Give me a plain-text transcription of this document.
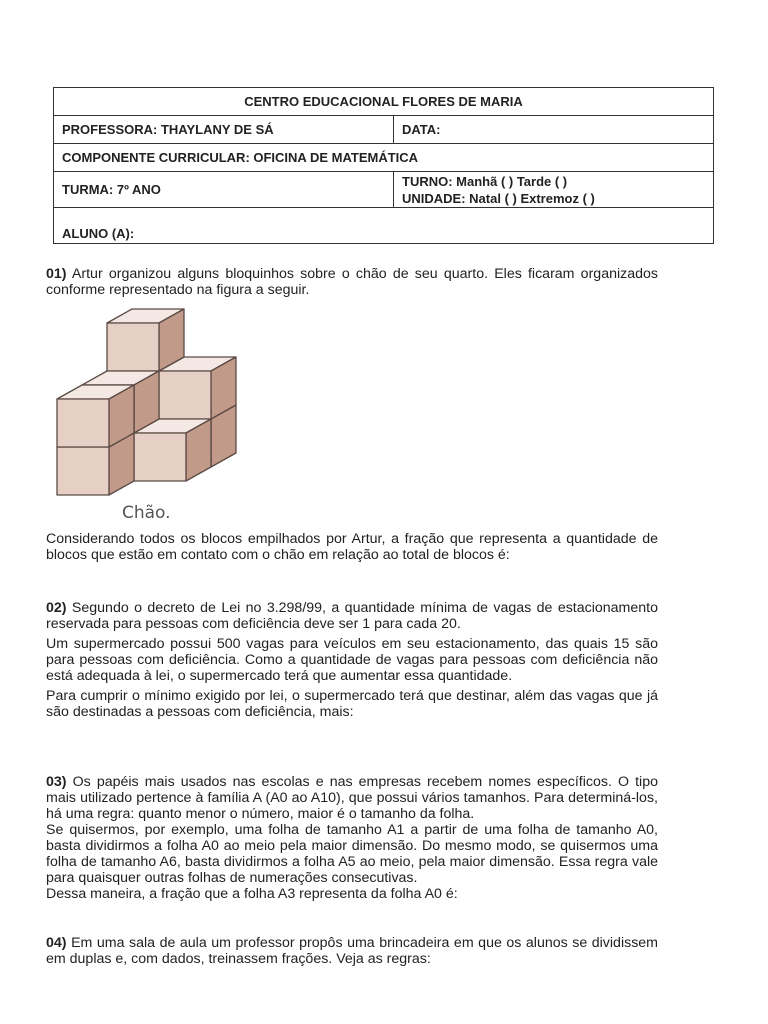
CENTRO EDUCACIONAL FLORES DE MARIA	
PROFESSORA: THAYLANY DE SÁ	DATA:
COMPONENTE CURRICULAR: OFICINA DE MATEMÁTICA	
TURMA: 7º ANO	TURNO: Manhã ( ) Tarde ( )
UNIDADE: Natal ( ) Extremoz ( )

ALUNO (A):	

01) Artur organizou alguns bloquinhos sobre o chão de seu quarto. Eles ficaram organizados conforme representado na figura a seguir.

Chão.

Considerando todos os blocos empilhados por Artur, a fração que representa a quantidade de blocos que estão em contato com o chão em relação ao total de blocos é:

02) Segundo o decreto de Lei no 3.298/99, a quantidade mínima de vagas de estacionamento reservada para pessoas com deficiência deve ser 1 para cada 20.

Um supermercado possui 500 vagas para veículos em seu estacionamento, das quais 15 são para pessoas com deficiência. Como a quantidade de vagas para pessoas com deficiência não está adequada à lei, o supermercado terá que aumentar essa quantidade.

Para cumprir o mínimo exigido por lei, o supermercado terá que destinar, além das vagas que já são destinadas a pessoas com deficiência, mais:

03) Os papéis mais usados nas escolas e nas empresas recebem nomes específicos. O tipo mais utilizado pertence à família A (A0 ao A10), que possui vários tamanhos. Para determiná-los, há uma regra: quanto menor o número, maior é o tamanho da folha.

Se quisermos, por exemplo, uma folha de tamanho A1 a partir de uma folha de tamanho A0, basta dividirmos a folha A0 ao meio pela maior dimensão. Do mesmo modo, se quisermos uma folha de tamanho A6, basta dividirmos a folha A5 ao meio, pela maior dimensão. Essa regra vale para quaisquer outras folhas de numerações consecutivas.

Dessa maneira, a fração que a folha A3 representa da folha A0 é:

04) Em uma sala de aula um professor propôs uma brincadeira em que os alunos se dividissem em duplas e, com dados, treinassem frações. Veja as regras:
